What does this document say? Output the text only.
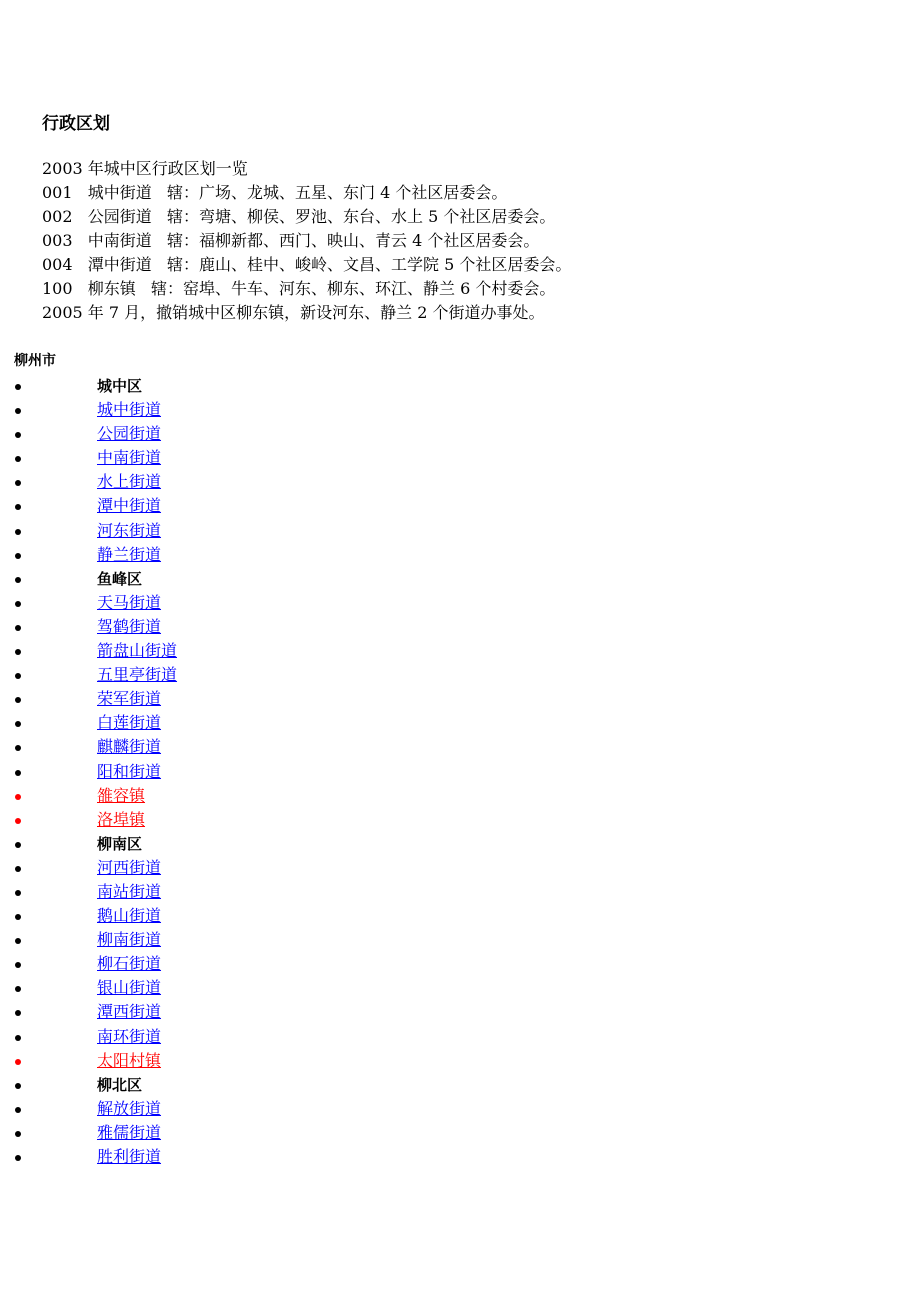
行政区划
2003 年城中区行政区划一览
001   城中街道   辖：广场、龙城、五星、东门 4 个社区居委会。
002   公园街道   辖：弯塘、柳侯、罗池、东台、水上 5 个社区居委会。
003   中南街道   辖：福柳新都、西门、映山、青云 4 个社区居委会。
004   潭中街道   辖：鹿山、桂中、峻岭、文昌、工学院 5 个社区居委会。
100   柳东镇   辖：窑埠、牛车、河东、柳东、环江、静兰 6 个村委会。
2005 年 7 月，撤销城中区柳东镇，新设河东、静兰 2 个街道办事处。
柳州市
城中区
城中街道
公园街道
中南街道
水上街道
潭中街道
河东街道
静兰街道
鱼峰区
天马街道
驾鹤街道
箭盘山街道
五里亭街道
荣军街道
白莲街道
麒麟街道
阳和街道
雒容镇
洛埠镇
柳南区
河西街道
南站街道
鹅山街道
柳南街道
柳石街道
银山街道
潭西街道
南环街道
太阳村镇
柳北区
解放街道
雅儒街道
胜利街道
